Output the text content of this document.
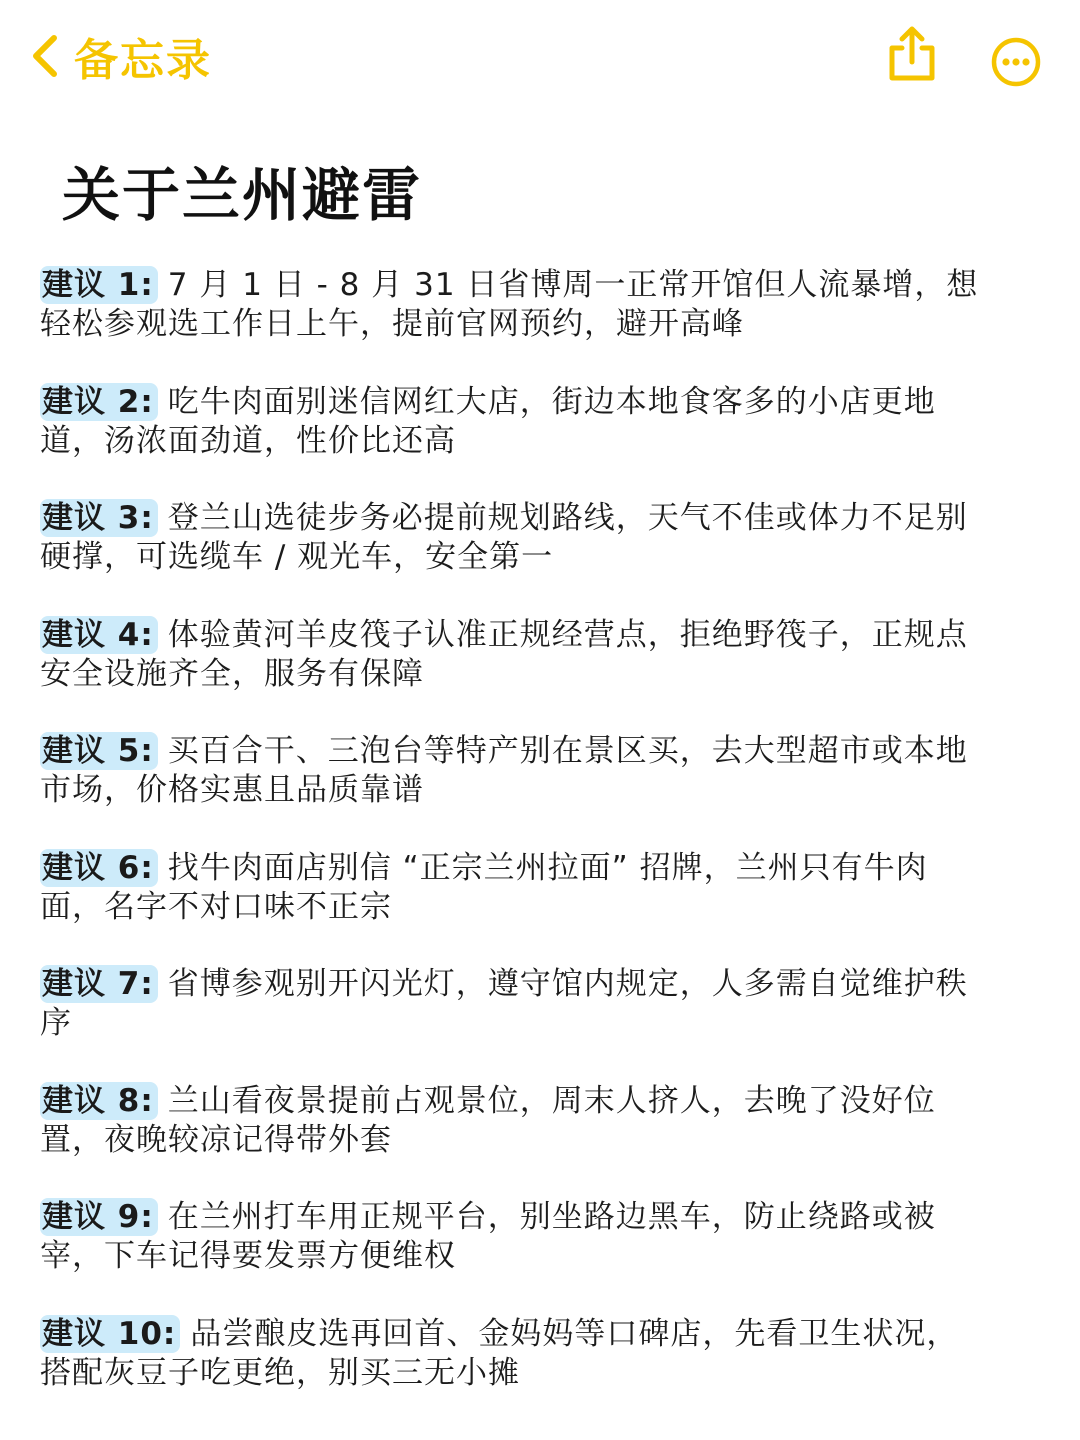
备忘录
关于兰州避雷
建议 1: 7 月 1 日 - 8 月 31 日省博周一正常开馆但人流暴增，想轻松参观选工作日上午，提前官网预约，避开高峰
建议 2: 吃牛肉面别迷信网红大店，街边本地食客多的小店更地道，汤浓面劲道，性价比还高
建议 3: 登兰山选徒步务必提前规划路线，天气不佳或体力不足别硬撑，可选缆车 / 观光车，安全第一
建议 4: 体验黄河羊皮筏子认准正规经营点，拒绝野筏子，正规点安全设施齐全，服务有保障
建议 5: 买百合干、三泡台等特产别在景区买，去大型超市或本地市场，价格实惠且品质靠谱
建议 6: 找牛肉面店别信 “正宗兰州拉面” 招牌，兰州只有牛肉面，名字不对口味不正宗
建议 7: 省博参观别开闪光灯，遵守馆内规定，人多需自觉维护秩序
建议 8: 兰山看夜景提前占观景位，周末人挤人，去晚了没好位置，夜晚较凉记得带外套
建议 9: 在兰州打车用正规平台，别坐路边黑车，防止绕路或被宰，下车记得要发票方便维权
建议 10: 品尝酿皮选再回首、金妈妈等口碑店，先看卫生状况，搭配灰豆子吃更绝，别买三无小摊
